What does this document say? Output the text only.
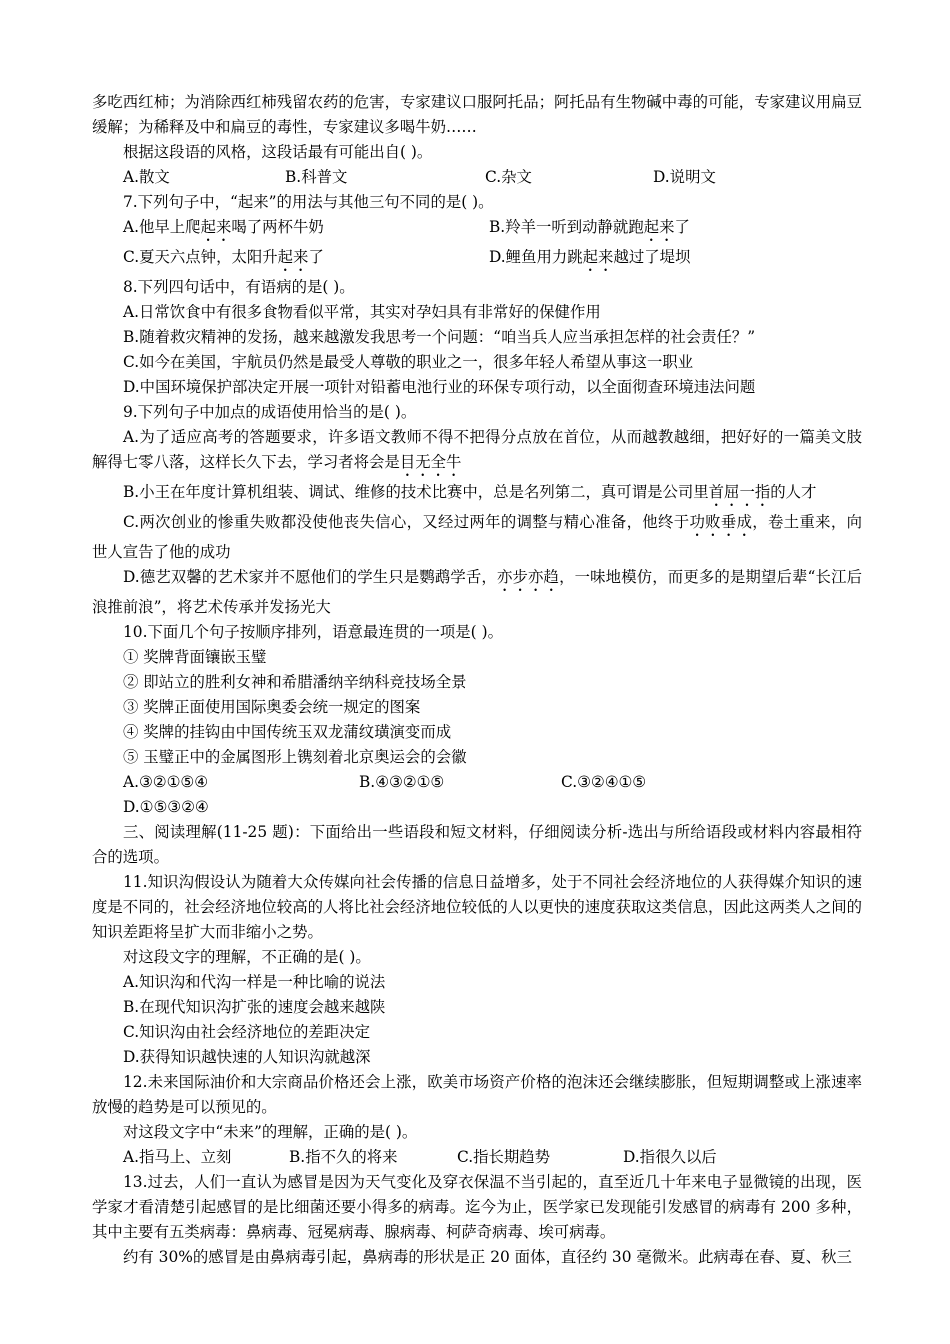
多吃西红柿；为消除西红柿残留农药的危害，专家建议口服阿托品；阿托品有生物碱中毒的可能，专家建议用扁豆缓解；为稀释及中和扁豆的毒性，专家建议多喝牛奶……

根据这段语的风格，这段话最有可能出自( )。

A.散文	B.科普文	C.杂文	D.说明文

7.下列句子中，“起来”的用法与其他三句不同的是( )。

A.他早上爬起来喝了两杯牛奶	B.羚羊一听到动静就跑起来了
C.夏天六点钟，太阳升起来了	D.鲤鱼用力跳起来越过了堤坝

8.下列四句话中，有语病的是( )。

A.日常饮食中有很多食物看似平常，其实对孕妇具有非常好的保健作用

B.随着救灾精神的发扬，越来越激发我思考一个问题：“咱当兵人应当承担怎样的社会责任？”

C.如今在美国，宇航员仍然是最受人尊敬的职业之一，很多年轻人希望从事这一职业

D.中国环境保护部决定开展一项针对铅蓄电池行业的环保专项行动，以全面彻查环境违法问题

9.下列句子中加点的成语使用恰当的是( )。

A.为了适应高考的答题要求，许多语文教师不得不把得分点放在首位，从而越教越细，把好好的一篇美文肢解得七零八落，这样长久下去，学习者将会是目无全牛

B.小王在年度计算机组装、调试、维修的技术比赛中，总是名列第二，真可谓是公司里首屈一指的人才

C.两次创业的惨重失败都没使他丧失信心，又经过两年的调整与精心准备，他终于功败垂成，卷土重来，向世人宣告了他的成功

D.德艺双馨的艺术家并不愿他们的学生只是鹦鹉学舌，亦步亦趋，一味地模仿，而更多的是期望后辈“长江后浪推前浪”，将艺术传承并发扬光大

10.下面几个句子按顺序排列，语意最连贯的一项是( )。

① 奖牌背面镶嵌玉璧

② 即站立的胜利女神和希腊潘纳辛纳科竞技场全景

③ 奖牌正面使用国际奥委会统一规定的图案

④ 奖牌的挂钩由中国传统玉双龙蒲纹璜演变而成

⑤ 玉璧正中的金属图形上镌刻着北京奥运会的会徽

A.③②①⑤④	B.④③②①⑤	C.③②④①⑤

D.①⑤③②④

三、阅读理解(11-25 题)：下面给出一些语段和短文材料，仔细阅读分析-选出与所给语段或材料内容最相符合的选项。

11.知识沟假设认为随着大众传媒向社会传播的信息日益增多，处于不同社会经济地位的人获得媒介知识的速度是不同的，社会经济地位较高的人将比社会经济地位较低的人以更快的速度获取这类信息，因此这两类人之间的知识差距将呈扩大而非缩小之势。

对这段文字的理解，不正确的是( )。

A.知识沟和代沟一样是一种比喻的说法

B.在现代知识沟扩张的速度会越来越陕

C.知识沟由社会经济地位的差距决定

D.获得知识越快速的人知识沟就越深

12.未来国际油价和大宗商品价格还会上涨，欧美市场资产价格的泡沫还会继续膨胀，但短期调整或上涨速率放慢的趋势是可以预见的。

对这段文字中“未来”的理解，正确的是( )。

A.指马上、立刻	B.指不久的将来	C.指长期趋势	D.指很久以后

13.过去，人们一直认为感冒是因为天气变化及穿衣保温不当引起的，直至近几十年来电子显微镜的出现，医学家才看清楚引起感冒的是比细菌还要小得多的病毒。迄今为止，医学家已发现能引发感冒的病毒有 200 多种，其中主要有五类病毒：鼻病毒、冠冕病毒、腺病毒、柯萨奇病毒、埃可病毒。

约有 30%的感冒是由鼻病毒引起，鼻病毒的形状是正 20 面体，直径约 30 毫微米。此病毒在春、夏、秋三
